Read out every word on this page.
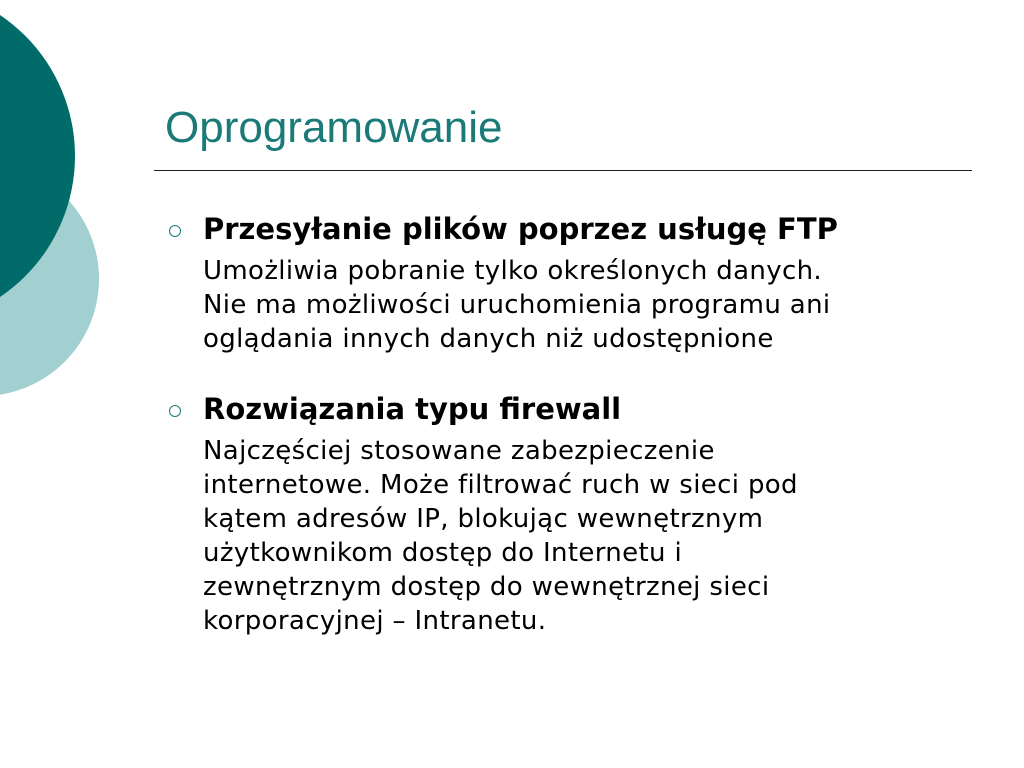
Oprogramowanie

Przesyłanie plików poprzez usługę FTP

Umożliwia pobranie tylko określonych danych.
Nie ma możliwości uruchomienia programu ani
oglądania innych danych niż udostępnione

Rozwiązania typu firewall

Najczęściej stosowane zabezpieczenie
internetowe. Może filtrować ruch w sieci pod
kątem adresów IP, blokując wewnętrznym
użytkownikom dostęp do Internetu i
zewnętrznym dostęp do wewnętrznej sieci
korporacyjnej – Intranetu.
